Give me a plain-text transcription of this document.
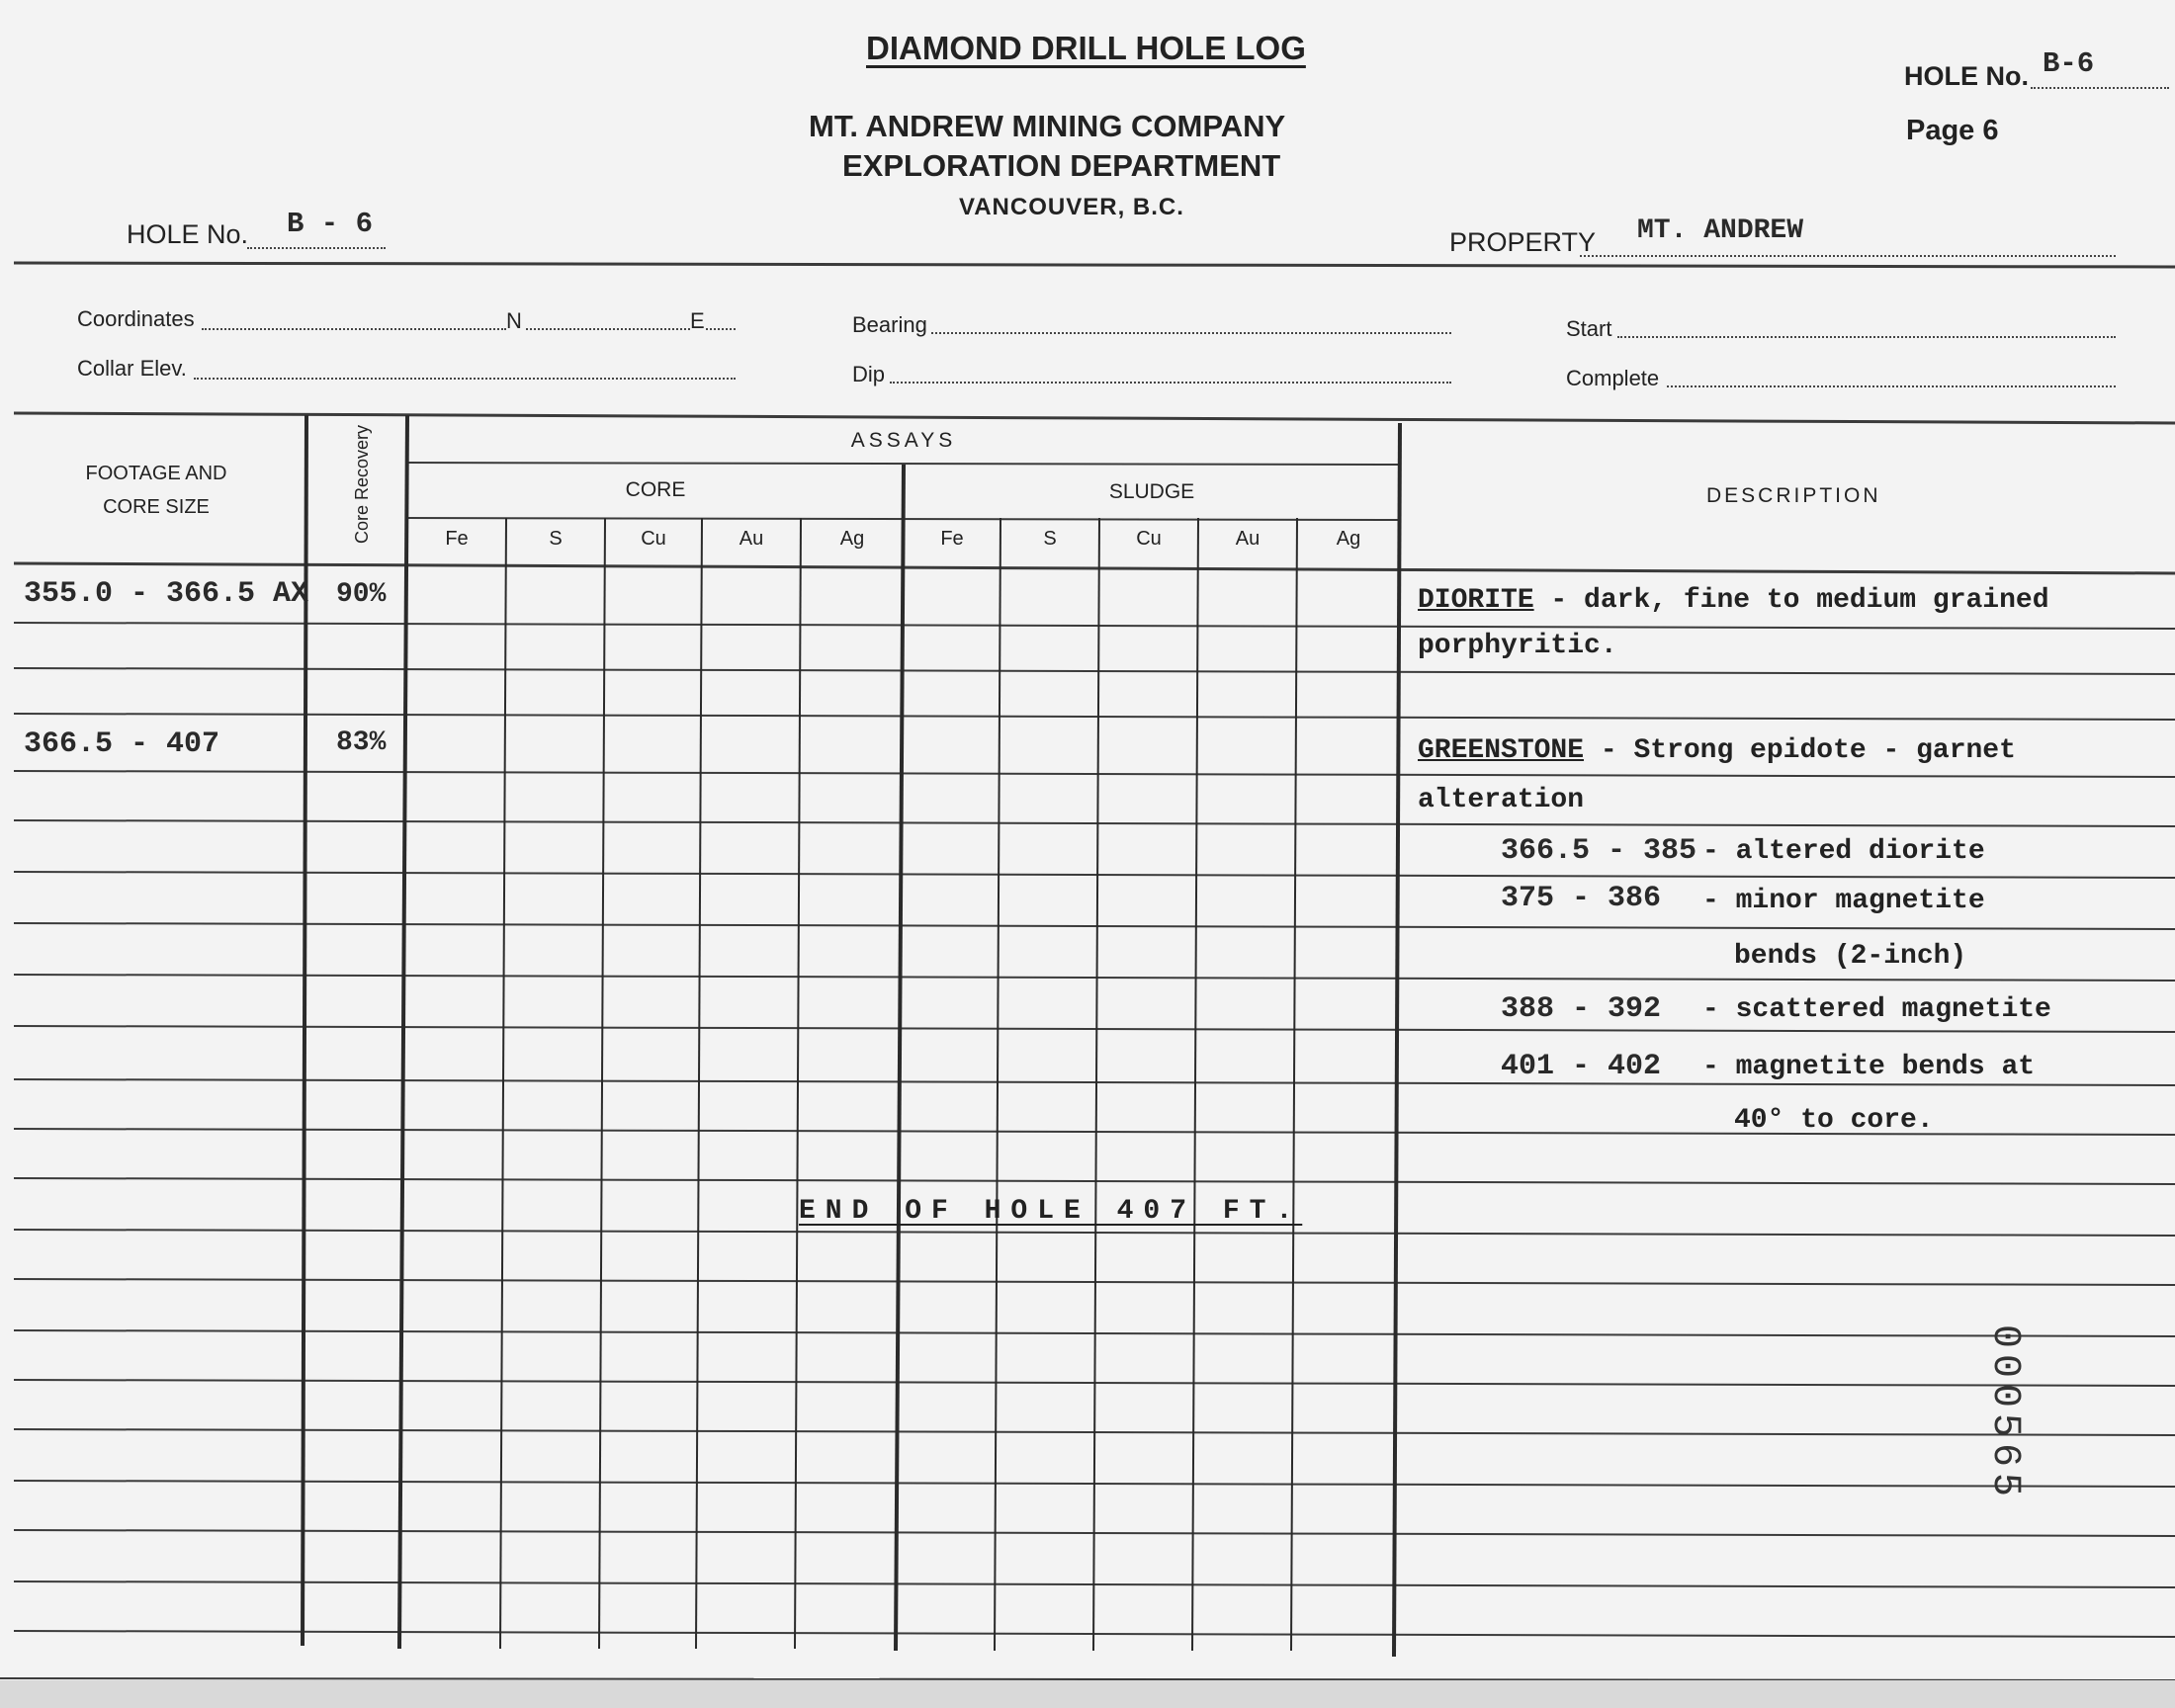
DIAMOND DRILL HOLE LOG
MT. ANDREW MINING COMPANY
EXPLORATION DEPARTMENT
VANCOUVER, B.C.
HOLE No. B-6
Page 6
HOLE No. B - 6
PROPERTY MT. ANDREW
Coordinates	N	E
Collar Elev.
Bearing
Dip
Start
Complete
FOOTAGE AND
CORE SIZE	Core Recovery	ASSAYS
CORE	SLUDGE
Fe	S	Cu	Au	Ag	Fe	S	Cu	Au	Ag
DESCRIPTION
355.0 - 366.5 AX 90%
366.5 - 407	83%
DIORITE - dark, fine to medium grained
porphyritic.
GREENSTONE - Strong epidote - garnet
alteration
366.5 - 385 - altered diorite
375 - 386 - minor magnetite
bends (2-inch)
388 - 392 - scattered magnetite
401 - 402 - magnetite bends at
40° to core.
END OF HOLE 407 FT.
000565
